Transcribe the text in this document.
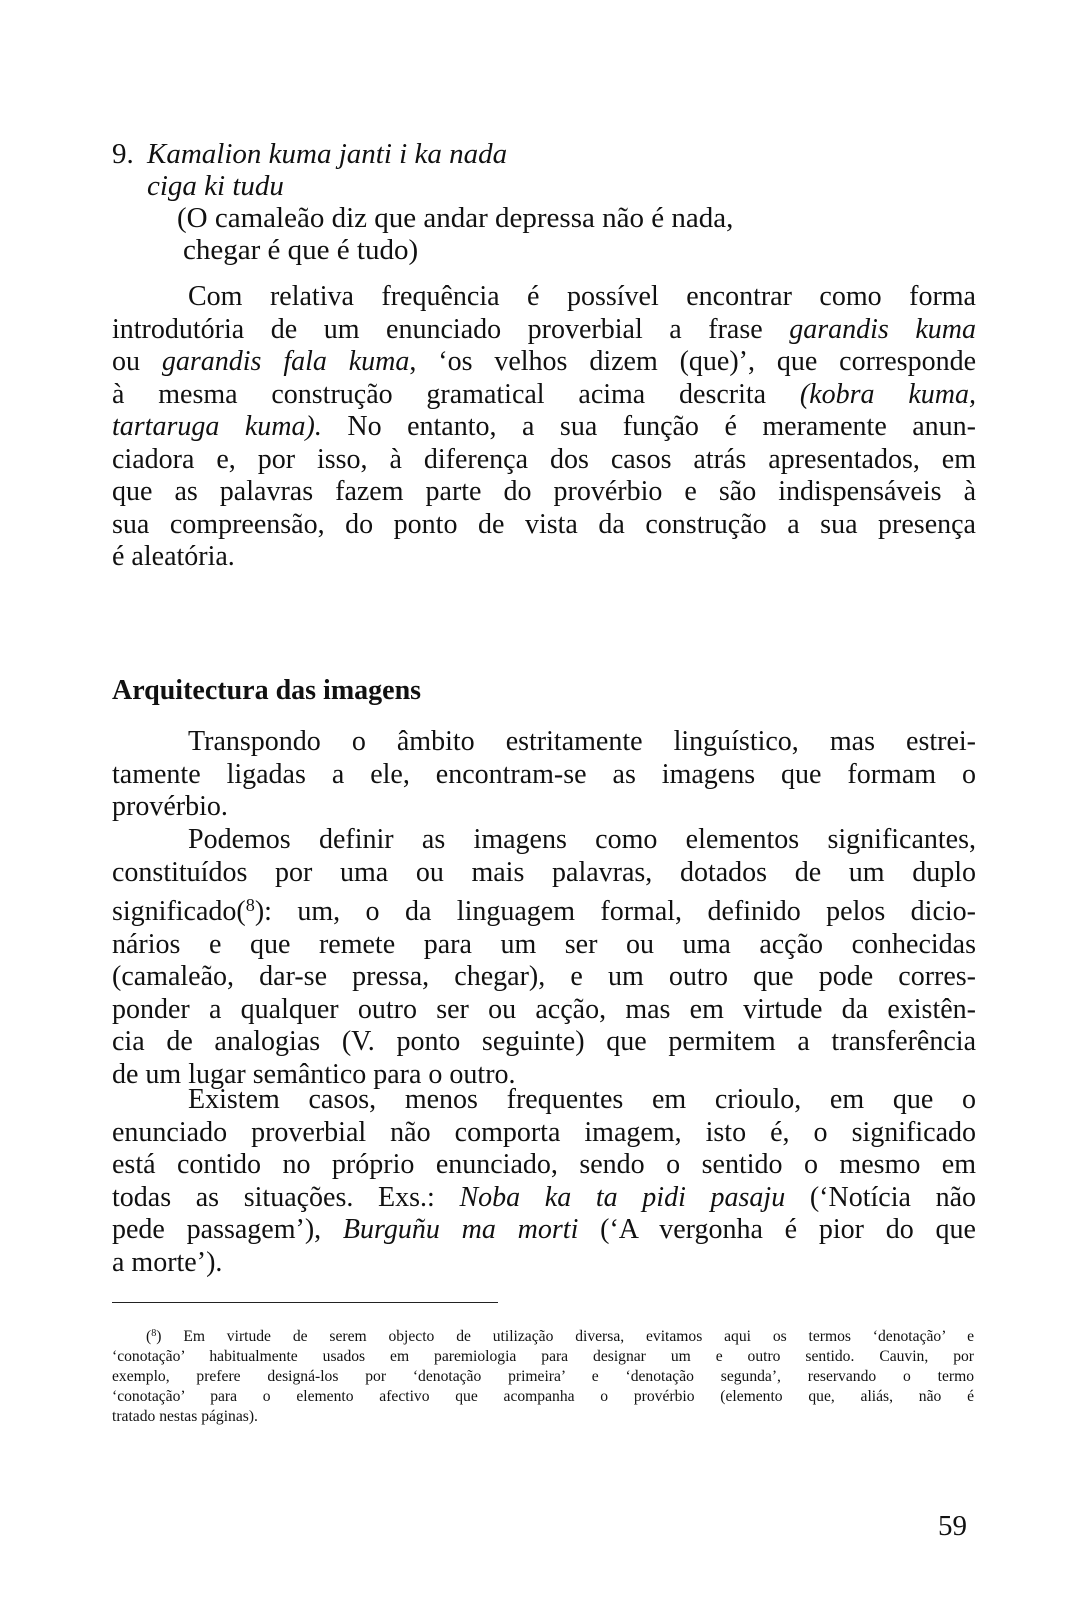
9. Kamalion kuma janti i ka nada
ciga ki tudu
(O camaleão diz que andar depressa não é nada,
chegar é que é tudo)
Com relativa frequência é possível encontrar como forma
introdutória de um enunciado proverbial a frase garandis kuma
ou garandis fala kuma, ‘os velhos dizem (que)’, que corresponde
à mesma construção gramatical acima descrita (kobra kuma,
tartaruga kuma). No entanto, a sua função é meramente anun-
ciadora e, por isso, à diferença dos casos atrás apresentados, em
que as palavras fazem parte do provérbio e são indispensáveis à
sua compreensão, do ponto de vista da construção a sua presença
é aleatória.
Arquitectura das imagens
Transpondo o âmbito estritamente linguístico, mas estrei-
tamente ligadas a ele, encontram-se as imagens que formam o
provérbio.
Podemos definir as imagens como elementos significantes,
constituídos por uma ou mais palavras, dotados de um duplo
significado($^8$): um, o da linguagem formal, definido pelos dicio-
nários e que remete para um ser ou uma acção conhecidas
(camaleão, dar-se pressa, chegar), e um outro que pode corres-
ponder a qualquer outro ser ou acção, mas em virtude da existên-
cia de analogias (V. ponto seguinte) que permitem a transferência
de um lugar semântico para o outro.
Existem casos, menos frequentes em crioulo, em que o
enunciado proverbial não comporta imagem, isto é, o significado
está contido no próprio enunciado, sendo o sentido o mesmo em
todas as situações. Exs.: Noba ka ta pidi pasaju (‘Notícia não
pede passagem’), Burguñu ma morti (‘A vergonha é pior do que
a morte’).
($^8$) Em virtude de serem objecto de utilização diversa, evitamos aqui os termos ‘denotação’ e
‘conotação’ habitualmente usados em paremiologia para designar um e outro sentido. Cauvin, por
exemplo, prefere designá-los por ‘denotação primeira’ e ‘denotação segunda’, reservando o termo
‘conotação’ para o elemento afectivo que acompanha o provérbio (elemento que, aliás, não é
tratado nestas páginas).
59
